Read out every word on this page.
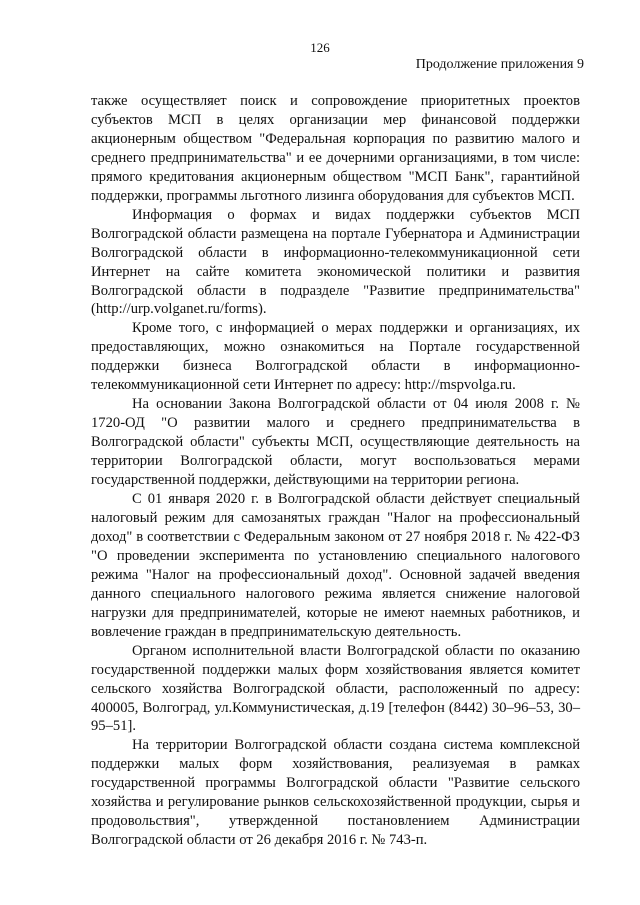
126
Продолжение приложения 9

также осуществляет поиск и сопровождение приоритетных проектов субъектов МСП в целях организации мер финансовой поддержки акционерным обществом "Федеральная корпорация по развитию малого и среднего предпринимательства" и ее дочерними организациями, в том числе: прямого кредитования акционерным обществом "МСП Банк", гарантийной поддержки, программы льготного лизинга оборудования для субъектов МСП.

Информация о формах и видах поддержки субъектов МСП Волгоградской области размещена на портале Губернатора и Администрации Волгоградской области в информационно-телекоммуникационной сети Интернет на сайте комитета экономической политики и развития Волгоградской области в подразделе "Развитие предпринимательства" (http://urp.volganet.ru/forms).

Кроме того, с информацией о мерах поддержки и организациях, их предоставляющих, можно ознакомиться на Портале государственной поддержки бизнеса Волгоградской области в информационно-телекоммуникационной сети Интернет по адресу: http://mspvolga.ru.

На основании Закона Волгоградской области от 04 июля 2008 г. № 1720-ОД "О развитии малого и среднего предпринимательства в Волгоградской области" субъекты МСП, осуществляющие деятельность на территории Волгоградской области, могут воспользоваться мерами государственной поддержки, действующими на территории региона.

С 01 января 2020 г. в Волгоградской области действует специальный налоговый режим для самозанятых граждан "Налог на профессиональный доход" в соответствии с Федеральным законом от 27 ноября 2018 г. № 422-ФЗ "О проведении эксперимента по установлению специального налогового режима "Налог на профессиональный доход". Основной задачей введения данного специального налогового режима является снижение налоговой нагрузки для предпринимателей, которые не имеют наемных работников, и вовлечение граждан в предпринимательскую деятельность.

Органом исполнительной власти Волгоградской области по оказанию государственной поддержки малых форм хозяйствования является комитет сельского хозяйства Волгоградской области, расположенный по адресу: 400005, Волгоград, ул.Коммунистическая, д.19 [телефон (8442) 30–96–53, 30–95–51].

На территории Волгоградской области создана система комплексной поддержки малых форм хозяйствования, реализуемая в рамках государственной программы Волгоградской области "Развитие сельского хозяйства и регулирование рынков сельскохозяйственной продукции, сырья и продовольствия", утвержденной постановлением Администрации Волгоградской области от 26 декабря 2016 г. № 743-п.
